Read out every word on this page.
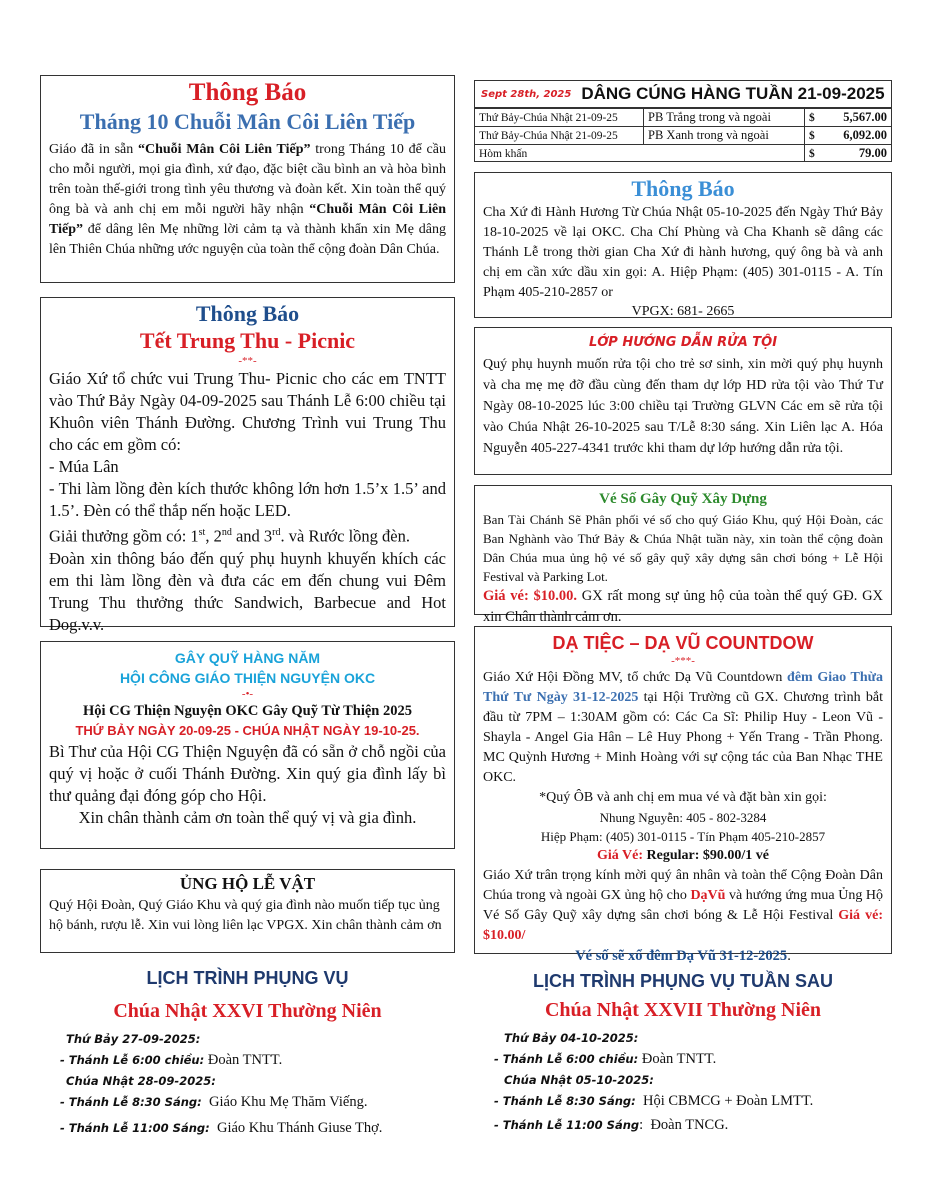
Thông Báo
Tháng 10 Chuỗi Mân Côi Liên Tiếp

Giáo đã in sẵn “Chuỗi Mân Côi Liên Tiếp” trong Tháng 10 để cầu cho mỗi người, mọi gia đình, xứ đạo, đặc biệt cầu bình an và hòa bình trên toàn thế-giới trong tình yêu thương và đoàn kết. Xin toàn thể quý ông bà và anh chị em mỗi người hãy nhận “Chuỗi Mân Côi Liên Tiếp” để dâng lên Mẹ những lời cảm tạ và thành khẩn xin Mẹ dâng lên Thiên Chúa những ước nguyện của toàn thể cộng đoàn Dân Chúa.

Thông Báo
Tết Trung Thu - Picnic
-**-

Giáo Xứ tổ chức vui Trung Thu- Picnic cho các em TNTT vào Thứ Bảy Ngày 04-09-2025 sau Thánh Lễ 6:00 chiều tại Khuôn viên Thánh Đường. Chương Trình vui Trung Thu cho các em gồm có:

- Múa Lân

- Thi làm lồng đèn kích thước không lớn hơn 1.5’x 1.5’ and 1.5’. Đèn có thể thắp nến hoặc LED.

Giải thưởng gồm có: 1st, 2nd and 3rd. và Rước lồng đèn.

Đoàn xin thông báo đến quý phụ huynh khuyến khích các em thi làm lồng đèn và đưa các em đến chung vui Đêm Trung Thu thưởng thức Sandwich, Barbecue and Hot Dog.v.v.

GÂY QUỸ HÀNG NĂM
HỘI CÔNG GIÁO THIỆN NGUYỆN OKC
-•-
Hội CG Thiện Nguyện OKC Gây Quỹ Từ Thiện 2025
THỨ BẢY NGÀY 20-09-25 - CHÚA NHẬT NGÀY 19-10-25.

Bì Thư của Hội CG Thiện Nguyện đã có sẵn ở chỗ ngồi của quý vị hoặc ở cuối Thánh Đường. Xin quý gia đình lấy bì thư quảng đại đóng góp cho Hội.

Xin chân thành cảm ơn toàn thể quý vị và gia đình.

ỦNG HỘ LỄ VẬT

Quý Hội Đoàn, Quý Giáo Khu và quý gia đình nào muốn tiếp tục ủng hộ bánh, rượu lễ. Xin vui lòng liên lạc VPGX. Xin chân thành cảm ơn

LỊCH TRÌNH PHỤNG VỤ
Chúa Nhật XXVI Thường Niên
Thứ Bảy 27-09-2025:
- Thánh Lễ 6:00 chiều: Đoàn TNTT.
Chúa Nhật 28-09-2025:
- Thánh Lễ 8:30 Sáng: Giáo Khu Mẹ Thăm Viếng.
- Thánh Lễ 11:00 Sáng: Giáo Khu Thánh Giuse Thợ.
Sept 28th, 2025 DÂNG CÚNG HÀNG TUẦN 21-09-2025
Thứ Bảy-Chúa Nhật 21-09-25	PB Trắng trong và ngoài	$	5,567.00
Thứ Bảy-Chúa Nhật 21-09-25	PB Xanh trong và ngoài	$	6,092.00
Hòm khấn		$	79.00
Thông Báo

Cha Xứ đi Hành Hương Từ Chúa Nhật 05-10-2025 đến Ngày Thứ Bảy 18-10-2025 về lại OKC. Cha Chí Phùng và Cha Khanh sẽ dâng các Thánh Lễ trong thời gian Cha Xứ đi hành hương, quý ông bà và anh chị em cần xức dầu xin gọi: A. Hiệp Phạm: (405) 301-0115 - A. Tín Phạm 405-210-2857 or

VPGX: 681- 2665

LỚP HƯỚNG DẪN RỬA TỘI

Quý phụ huynh muốn rửa tội cho trẻ sơ sinh, xin mời quý phụ huynh và cha mẹ mẹ đỡ đầu cùng đến tham dự lớp HD rửa tội vào Thứ Tư Ngày 08-10-2025 lúc 3:00 chiều tại Trường GLVN Các em sẽ rửa tội vào Chúa Nhật 26-10-2025 sau T/Lễ 8:30 sáng. Xin Liên lạc A. Hóa Nguyễn 405-227-4341 trước khi tham dự lớp hướng dẫn rửa tội.

Vé Số Gây Quỹ Xây Dựng

Ban Tài Chánh Sẽ Phân phối vé số cho quý Giáo Khu, quý Hội Đoàn, các Ban Nghành vào Thứ Bảy & Chúa Nhật tuần này, xin toàn thể cộng đoàn Dân Chúa mua ủng hộ vé số gây quỹ xây dựng sân chơi bóng + Lễ Hội Festival và Parking Lot.

Giá vé: $10.00. GX rất mong sự ủng hộ của toàn thể quý GĐ. GX xin Chân thành cảm ơn.

DẠ TIỆC – DẠ VŨ COUNTDOW
-***-

Giáo Xứ Hội Đồng MV, tổ chức Dạ Vũ Countdown đêm Giao Thừa Thứ Tư Ngày 31-12-2025 tại Hội Trường cũ GX. Chương trình bắt đầu từ 7PM – 1:30AM gồm có: Các Ca Sĩ: Philip Huy - Leon Vũ - Shayla - Angel Gia Hân – Lê Huy Phong + Yến Trang - Trần Phong. MC Quỳnh Hương + Minh Hoàng với sự cộng tác của Ban Nhạc THE OKC.

*Quý ÔB và anh chị em mua vé và đặt bàn xin gọi:

Nhung Nguyễn: 405 - 802-3284

Hiệp Phạm: (405) 301-0115 - Tín Phạm 405-210-2857

Giá Vé: Regular: $90.00/1 vé

Giáo Xứ trân trọng kính mời quý ân nhân và toàn thể Cộng Đoàn Dân Chúa trong và ngoài GX ủng hộ cho DạVũ và hướng ứng mua Ủng Hộ Vé Số Gây Quỹ xây dựng sân chơi bóng & Lễ Hội Festival Giá vé: $10.00/

Vé số sẽ xổ đêm Dạ Vũ 31-12-2025.

LỊCH TRÌNH PHỤNG VỤ TUẦN SAU
Chúa Nhật XXVII Thường Niên
Thứ Bảy 04-10-2025:
- Thánh Lễ 6:00 chiều: Đoàn TNTT.
Chúa Nhật 05-10-2025:
- Thánh Lễ 8:30 Sáng: Hội CBMCG + Đoàn LMTT.
- Thánh Lễ 11:00 Sáng: Đoàn TNCG.
